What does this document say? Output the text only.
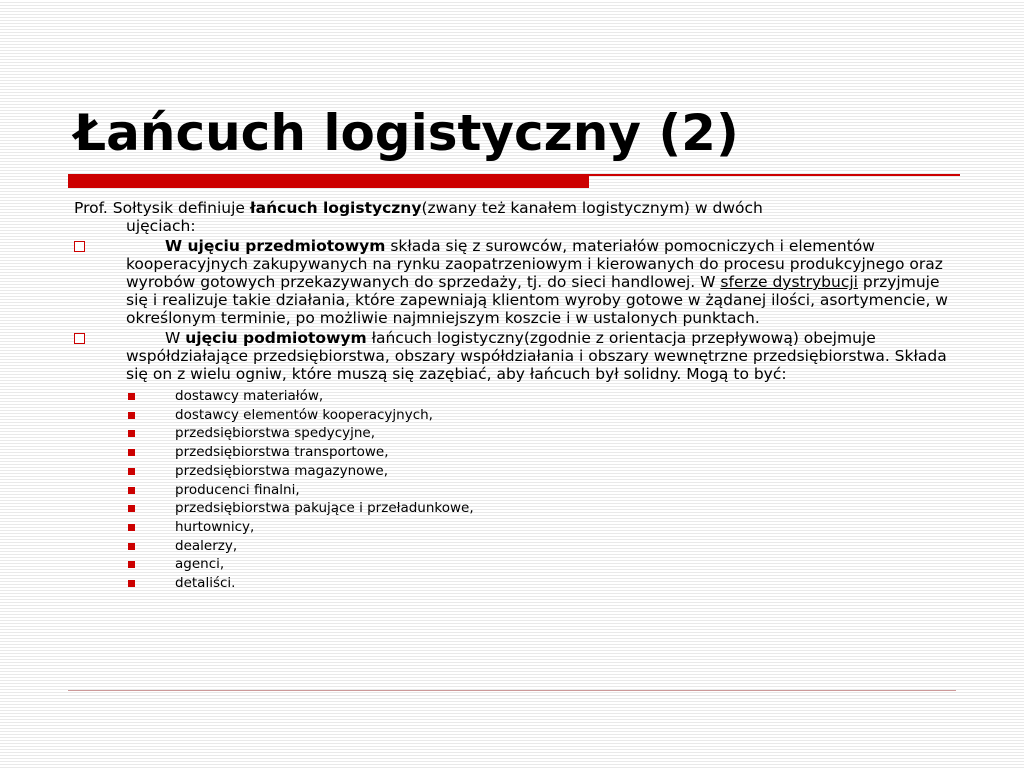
Łańcuch logistyczny (2)
Prof. Sołtysik definiuje łańcuch logistyczny(zwany też kanałem logistycznym) w dwóch
ujęciach:
W ujęciu przedmiotowym składa się z surowców, materiałów pomocniczych i elementów kooperacyjnych zakupywanych na rynku zaopatrzeniowym i kierowanych do procesu produkcyjnego oraz wyrobów gotowych przekazywanych do sprzedaży, tj. do sieci handlowej. W sferze dystrybucji przyjmuje się i realizuje takie działania, które zapewniają klientom wyroby gotowe w żądanej ilości, asortymencie, w określonym terminie, po możliwie najmniejszym koszcie i w ustalonych punktach.
W ujęciu podmiotowym łańcuch logistyczny(zgodnie z orientacja przepływową) obejmuje współdziałające przedsiębiorstwa, obszary współdziałania i obszary wewnętrzne przedsiębiorstwa. Składa się on z wielu ogniw, które muszą się zazębiać, aby łańcuch był solidny. Mogą to być:
dostawcy materiałów,
dostawcy elementów kooperacyjnych,
przedsiębiorstwa spedycyjne,
przedsiębiorstwa transportowe,
przedsiębiorstwa magazynowe,
producenci finalni,
przedsiębiorstwa pakujące i przeładunkowe,
hurtownicy,
dealerzy,
agenci,
detaliści.
